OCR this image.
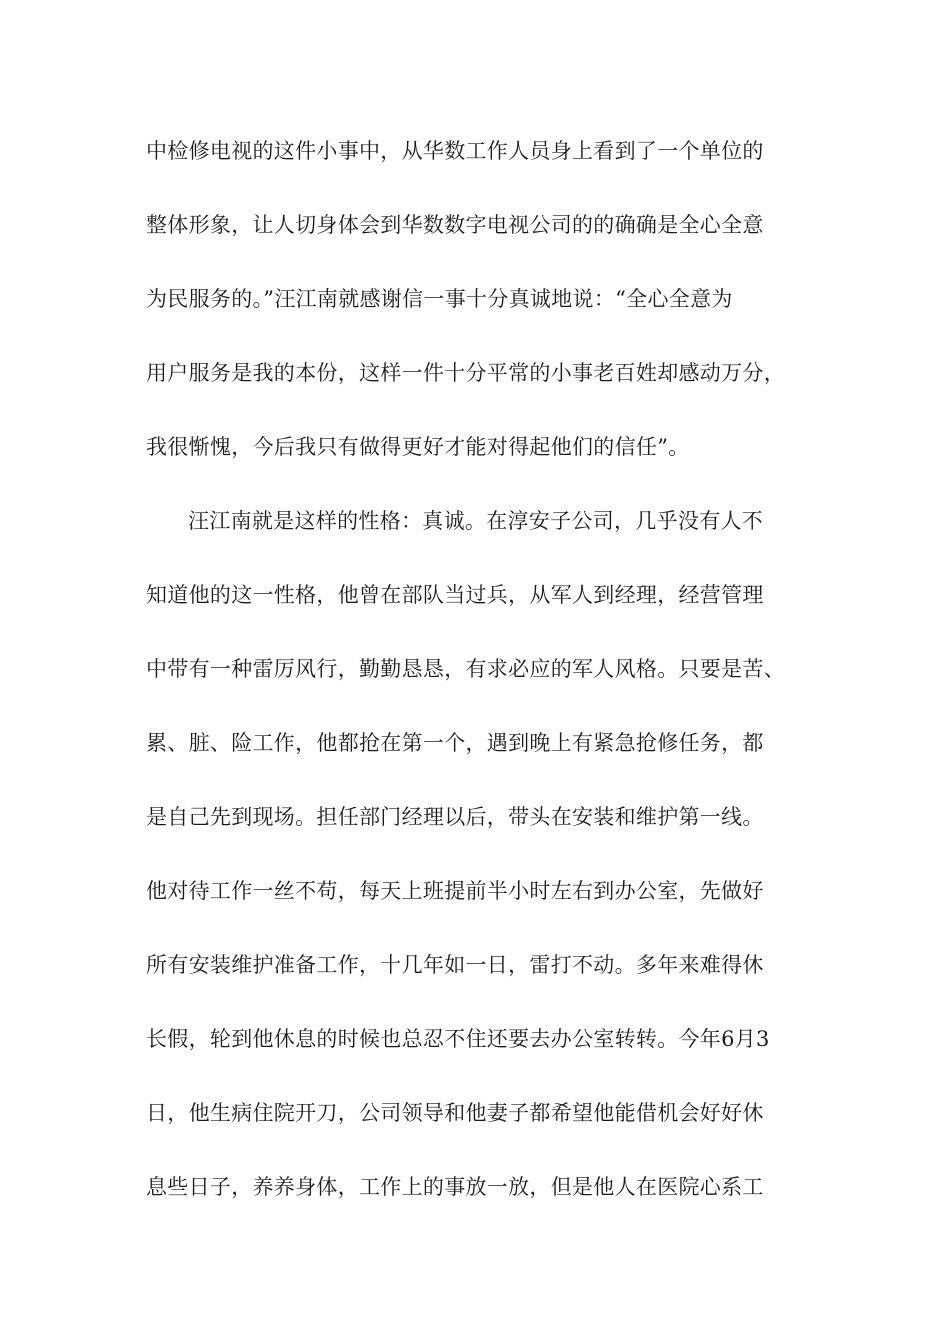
中检修电视的这件小事中，从华数工作人员身上看到了一个单位的
整体形象，让人切身体会到华数数字电视公司的的确确是全心全意
为民服务的。”汪江南就感谢信一事十分真诚地说：“全心全意为
用户服务是我的本份，这样一件十分平常的小事老百姓却感动万分，
我很惭愧，今后我只有做得更好才能对得起他们的信任”。
汪江南就是这样的性格：真诚。在淳安子公司，几乎没有人不
知道他的这一性格，他曾在部队当过兵，从军人到经理，经营管理
中带有一种雷厉风行，勤勤恳恳，有求必应的军人风格。只要是苦、
累、脏、险工作，他都抢在第一个，遇到晚上有紧急抢修任务，都
是自己先到现场。担任部门经理以后，带头在安装和维护第一线。
他对待工作一丝不苟，每天上班提前半小时左右到办公室，先做好
所有安装维护准备工作，十几年如一日，雷打不动。多年来难得休
长假，轮到他休息的时候也总忍不住还要去办公室转转。今年6月3
日，他生病住院开刀，公司领导和他妻子都希望他能借机会好好休
息些日子，养养身体，工作上的事放一放，但是他人在医院心系工
